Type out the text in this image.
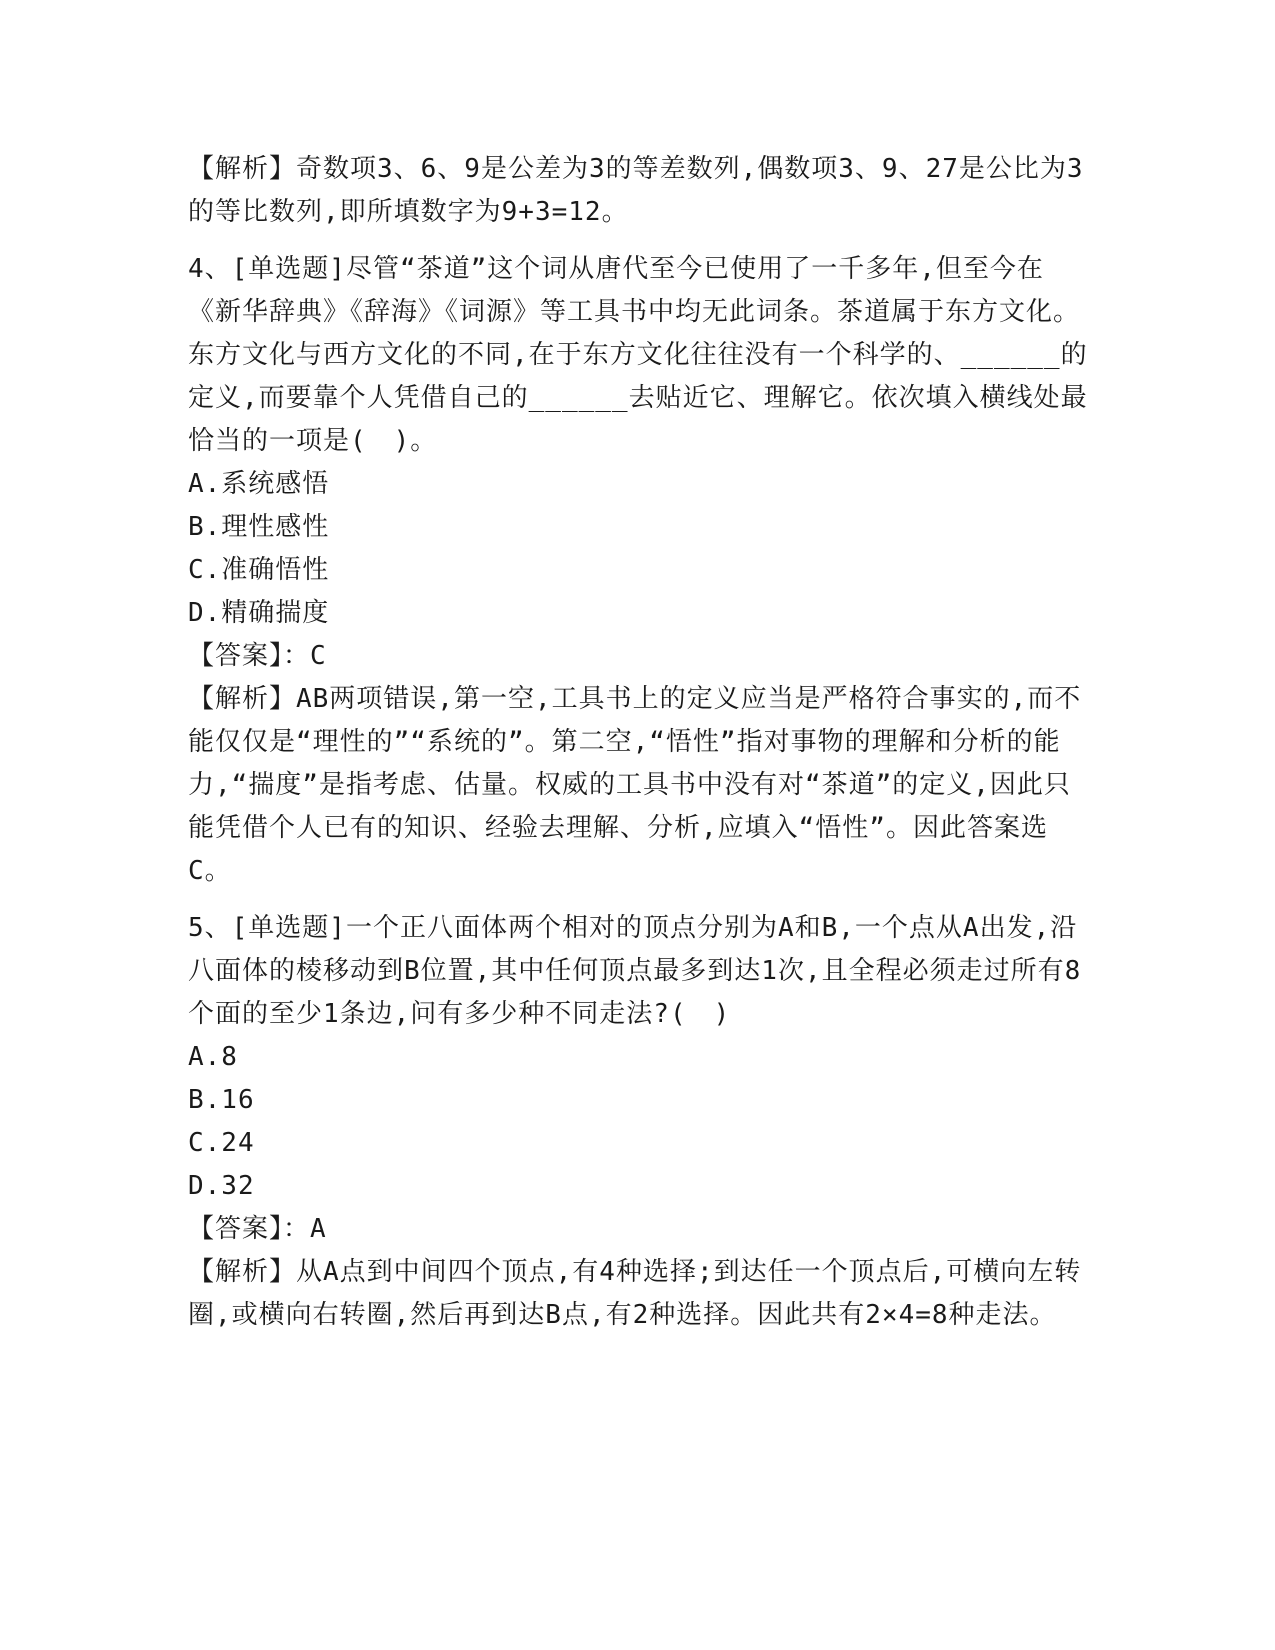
【解析】奇数项3、6、9是公差为3的等差数列,偶数项3、9、27是公比为3的等比数列,即所填数字为9+3=12。

4、[单选题]尽管“茶道”这个词从唐代至今已使用了一千多年,但至今在《新华辞典》《辞海》《词源》等工具书中均无此词条。茶道属于东方文化。东方文化与西方文化的不同,在于东方文化往往没有一个科学的、______的定义,而要靠个人凭借自己的______去贴近它、理解它。依次填入横线处最恰当的一项是(　)。

A.系统感悟

B.理性感性

C.准确悟性

D.精确揣度

【答案】：C

【解析】AB两项错误,第一空,工具书上的定义应当是严格符合事实的,而不能仅仅是“理性的”“系统的”。第二空,“悟性”指对事物的理解和分析的能力,“揣度”是指考虑、估量。权威的工具书中没有对“茶道”的定义,因此只能凭借个人已有的知识、经验去理解、分析,应填入“悟性”。因此答案选C。

5、[单选题]一个正八面体两个相对的顶点分别为A和B,一个点从A出发,沿八面体的棱移动到B位置,其中任何顶点最多到达1次,且全程必须走过所有8个面的至少1条边,问有多少种不同走法?(　)

A.8

B.16

C.24

D.32

【答案】：A

【解析】从A点到中间四个顶点,有4种选择;到达任一个顶点后,可横向左转圈,或横向右转圈,然后再到达B点,有2种选择。因此共有2×4=8种走法。
